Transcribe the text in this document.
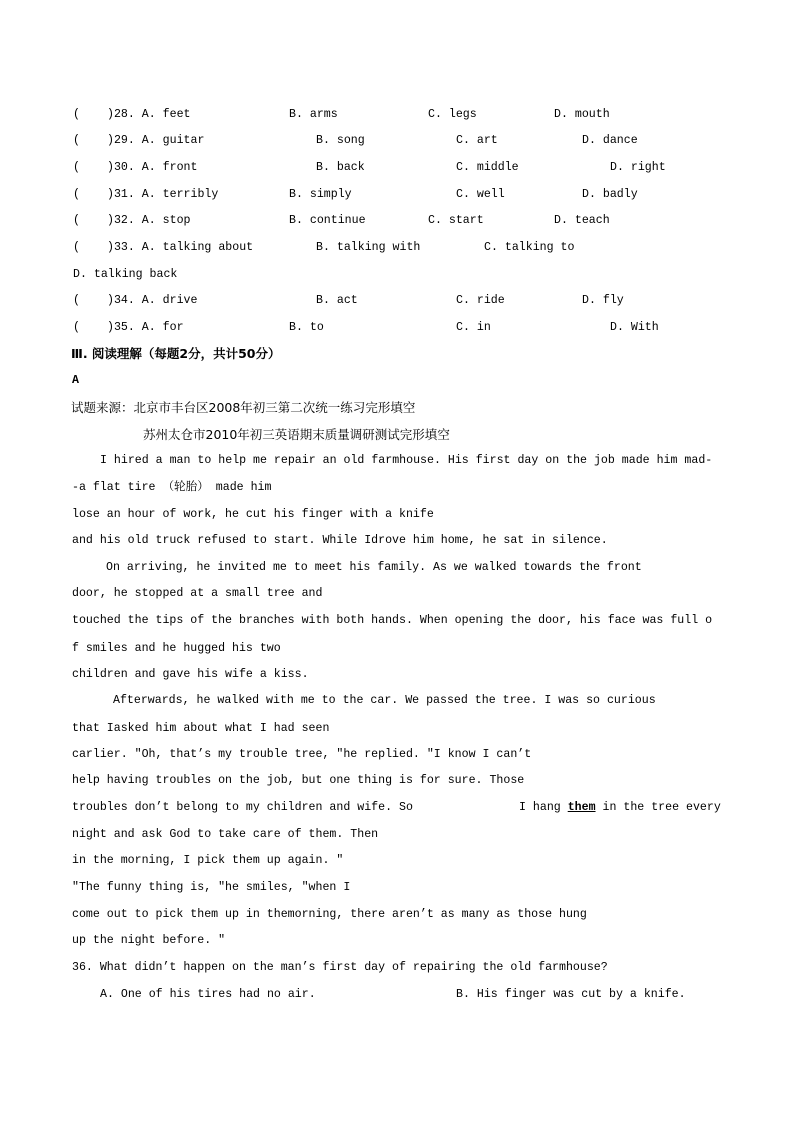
( )28. A. feet	B. arms	C. legs	D. mouth
( )29. A. guitar	B. song	C. art	D. dance
( )30. A. front	B. back	C. middle	D. right
( )31. A. terribly	B. simply	C. well	D. badly
( )32. A. stop	B. continue	C. start	D. teach
( )33. A. talking about	B. talking with	C. talking to
D. talking back
( )34. A. drive	B. act	C. ride	D. fly
( )35. A. for	B. to	C. in	D. With
Ⅲ. 阅读理解（每题2分，共计50分）
A
试题来源：北京市丰台区2008年初三第二次统一练习完形填空
苏州太仓市2010年初三英语期末质量调研测试完形填空
I hired a man to help me repair an old farmhouse. His first day on the job made him mad-
-a flat tire （轮胎） made him
lose an hour of work, he cut his finger with a knife
and his old truck refused to start. While Idrove him home, he sat in silence.
On arriving, he invited me to meet his family. As we walked towards the front
door, he stopped at a small tree and
touched the tips of the branches with both hands. When opening the door, his face was full o
f smiles and he hugged his two
children and gave his wife a kiss.
Afterwards, he walked with me to the car. We passed the tree. I was so curious
that Iasked him about what I had seen
carlier. ″Oh, that’s my trouble tree, ″he replied. ″I know I can’t
help having troubles on the job, but one thing is for sure. Those
troubles don’t belong to my children and wife. So	I hang them in the tree every
night and ask God to take care of them. Then
in the morning, I pick them up again. ″
″The funny thing is, ″he smiles, ″when I
come out to pick them up in themorning, there aren’t as many as those hung
up the night before. ″
36. What didn’t happen on the man’s first day of repairing the old farmhouse?
A. One of his tires had no air.	B. His finger was cut by a knife.
